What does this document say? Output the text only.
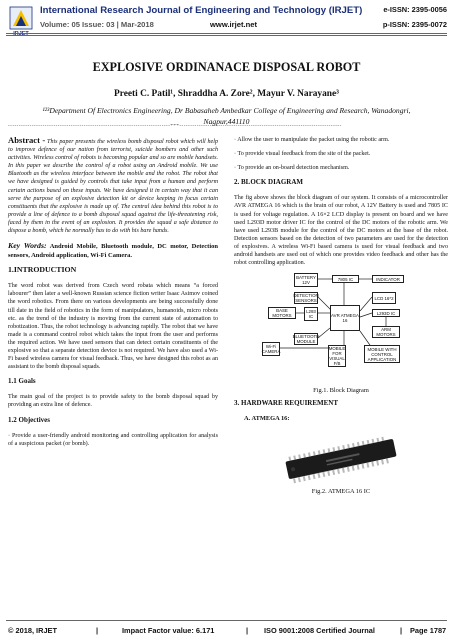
International Research Journal of Engineering and Technology (IRJET)	e-ISSN: 2395-0056
Volume: 05 Issue: 03 | Mar-2018	www.irjet.net	p-ISSN: 2395-0072
EXPLOSIVE ORDINANACE DISPOSAL ROBOT
Preeti C. Patil¹, Shraddha A. Zore², Mayur V. Narayane³
¹²³Department Of Electronics Engineering, Dr Babasaheb Ambedkar College of Engineering and Research, Wanadongri, Nagpur,441110
---------------------------------------------------------------------------***---------------------------------------------------------------------------
Abstract - This paper presents the wireless bomb disposal robot which will help to improve defence of our nation from terrorist, suicide bombers and other such activities. Wireless control of robots is becoming popular and so are mobile handsets. In this paper we describe the control of a robot using an Android mobile. We use Bluetooth as the wireless interface between the mobile and the robot. The robot that we have designed is guided by controls that take input from a human and perform certain actions based on these inputs. We have designed it in certain way that it can serve the purpose of an explosive detection kit or device keeping in focus certain constituents that the explosive is made up of. The central idea behind this robot is to provide a line of defence to a bomb disposal squad against the life-threatening risk, faced by them in the event of an explosion. It provides the squad a safe distance to dispose a bomb, which he normally has to do with his bare hands.
Key Words: Android Mobile, Bluetooth module, DC motor, Detection sensors, Android application, Wi-Fi Camera.
1.INTRODUCTION
The word robot was derived from Czech word robata which means “a forced labourer” then later a well-known Russian science fiction writer Isaac Asimov coined the word robotics. From there on various developments are being successfully done till date in the field of robotics in the form of manipulators, humanoids, micro robots etc. as the trend of the industry is moving from the current state of automation to robotization. Thus, the robot technology is advancing rapidly. The robot that we have made is a command control robot which takes the input from the user and performs the required action. We have used sensors that can detect certain constituents of the explosive so that a separate detection device is not required. We have also used a Wi-Fi based wireless camera for visual feedback. Thus, we have designed this robot as an assistant to the bomb disposal squads.
1.1 Goals
The main goal of the project is to provide safety to the bomb disposal squad by providing an extra line of defence.
1.2 Objectives
· Provide a user-friendly android monitoring and controlling application for analysis of a suspicious packet (or bomb).
· Allow the user to manipulate the packet using the robotic arm.
· To provide visual feedback from the site of the packet.
· To provide an on-board detection mechanism.
2. BLOCK DIAGRAM
The fig above shows the block diagram of our system. It consists of a microcontroller AVR ATMEGA 16 which is the brain of our robot, A 12V Battery is used and 7805 IC is used for voltage regulation. A 16×2 LCD display is present on board and we have used L293D motor driver IC for the control of the DC motors of the robotic arm. We have used L293B module for the control of the DC motors at the base of the robot. Detection sensors based on the detection of two parameters are used for the detection of explosives. A wireless Wi-Fi based camera is used for visual feedback and two android handsets are used out of which one provides video feedback and other has the robot controlling application.
BATTERY 12V
7805 IC	INDICATOR
DETECTION SENSORS	LCD 16*2
BASE MOTORS
L293 IC	AVR ATMEGA 16
L293D IC
ARM MOTORS
BLUETOOTH MODULE
Wi-Fi CAMERA
MOBILE FOR VISUAL F/B
MOBILE WITH CONTROL APPLICATION
Fig.1. Block Diagram
3. HARDWARE REQUIREMENT
A. ATMEGA 16:
Fig.2. ATMEGA 16 IC
© 2018, IRJET	|	Impact Factor value: 6.171	| ISO 9001:2008 Certified Journal	| Page 1787
